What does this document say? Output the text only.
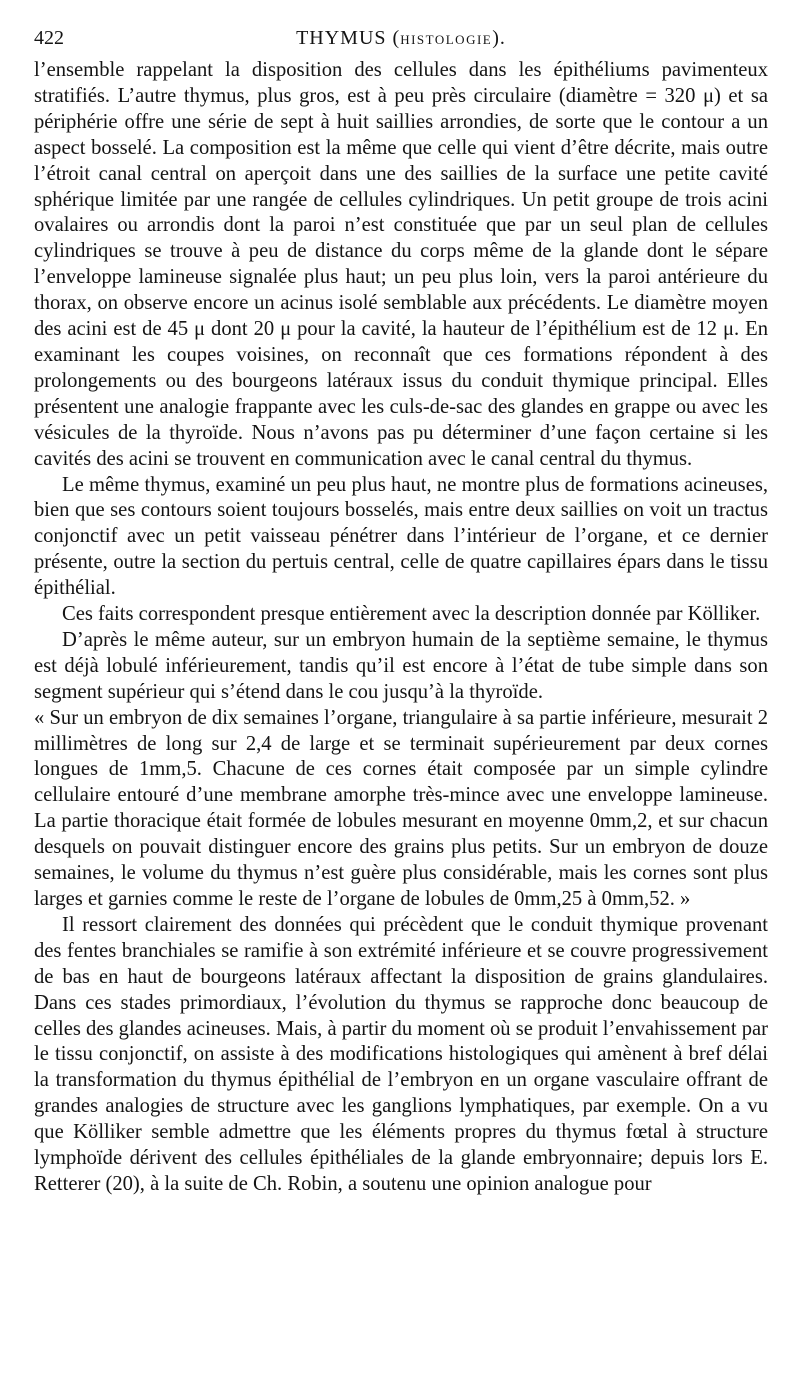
422	THYMUS (HISTOLOGIE).

l’ensemble rappelant la disposition des cellules dans les épithéliums pavimenteux stratifiés. L’autre thymus, plus gros, est à peu près circulaire (diamètre = 320 μ) et sa périphérie offre une série de sept à huit saillies arrondies, de sorte que le contour a un aspect bosselé. La composition est la même que celle qui vient d’être décrite, mais outre l’étroit canal central on aperçoit dans une des saillies de la surface une petite cavité sphérique limitée par une rangée de cellules cylindriques. Un petit groupe de trois acini ovalaires ou arrondis dont la paroi n’est constituée que par un seul plan de cellules cylindriques se trouve à peu de distance du corps même de la glande dont le sépare l’enveloppe lamineuse signalée plus haut; un peu plus loin, vers la paroi antérieure du thorax, on observe encore un acinus isolé semblable aux précédents. Le diamètre moyen des acini est de 45 μ dont 20 μ pour la cavité, la hauteur de l’épithélium est de 12 μ. En examinant les coupes voisines, on reconnaît que ces formations répondent à des prolongements ou des bourgeons latéraux issus du conduit thymique principal. Elles présentent une analogie frappante avec les culs-de-sac des glandes en grappe ou avec les vésicules de la thyroïde. Nous n’avons pas pu déterminer d’une façon certaine si les cavités des acini se trouvent en communication avec le canal central du thymus.

Le même thymus, examiné un peu plus haut, ne montre plus de formations acineuses, bien que ses contours soient toujours bosselés, mais entre deux saillies on voit un tractus conjonctif avec un petit vaisseau pénétrer dans l’intérieur de l’organe, et ce dernier présente, outre la section du pertuis central, celle de quatre capillaires épars dans le tissu épithélial.

Ces faits correspondent presque entièrement avec la description donnée par Kölliker.

D’après le même auteur, sur un embryon humain de la septième semaine, le thymus est déjà lobulé inférieurement, tandis qu’il est encore à l’état de tube simple dans son segment supérieur qui s’étend dans le cou jusqu’à la thyroïde.

« Sur un embryon de dix semaines l’organe, triangulaire à sa partie inférieure, mesurait 2 millimètres de long sur 2,4 de large et se terminait supérieurement par deux cornes longues de 1mm,5. Chacune de ces cornes était composée par un simple cylindre cellulaire entouré d’une membrane amorphe très-mince avec une enveloppe lamineuse. La partie thoracique était formée de lobules mesurant en moyenne 0mm,2, et sur chacun desquels on pouvait distinguer encore des grains plus petits. Sur un embryon de douze semaines, le volume du thymus n’est guère plus considérable, mais les cornes sont plus larges et garnies comme le reste de l’organe de lobules de 0mm,25 à 0mm,52. »

Il ressort clairement des données qui précèdent que le conduit thymique provenant des fentes branchiales se ramifie à son extrémité inférieure et se couvre progressivement de bas en haut de bourgeons latéraux affectant la disposition de grains glandulaires. Dans ces stades primordiaux, l’évolution du thymus se rapproche donc beaucoup de celles des glandes acineuses. Mais, à partir du moment où se produit l’envahissement par le tissu conjonctif, on assiste à des modifications histologiques qui amènent à bref délai la transformation du thymus épithélial de l’embryon en un organe vasculaire offrant de grandes analogies de structure avec les ganglions lymphatiques, par exemple. On a vu que Kölliker semble admettre que les éléments propres du thymus fœtal à structure lymphoïde dérivent des cellules épithéliales de la glande embryonnaire; depuis lors E. Retterer (20), à la suite de Ch. Robin, a soutenu une opinion analogue pour
